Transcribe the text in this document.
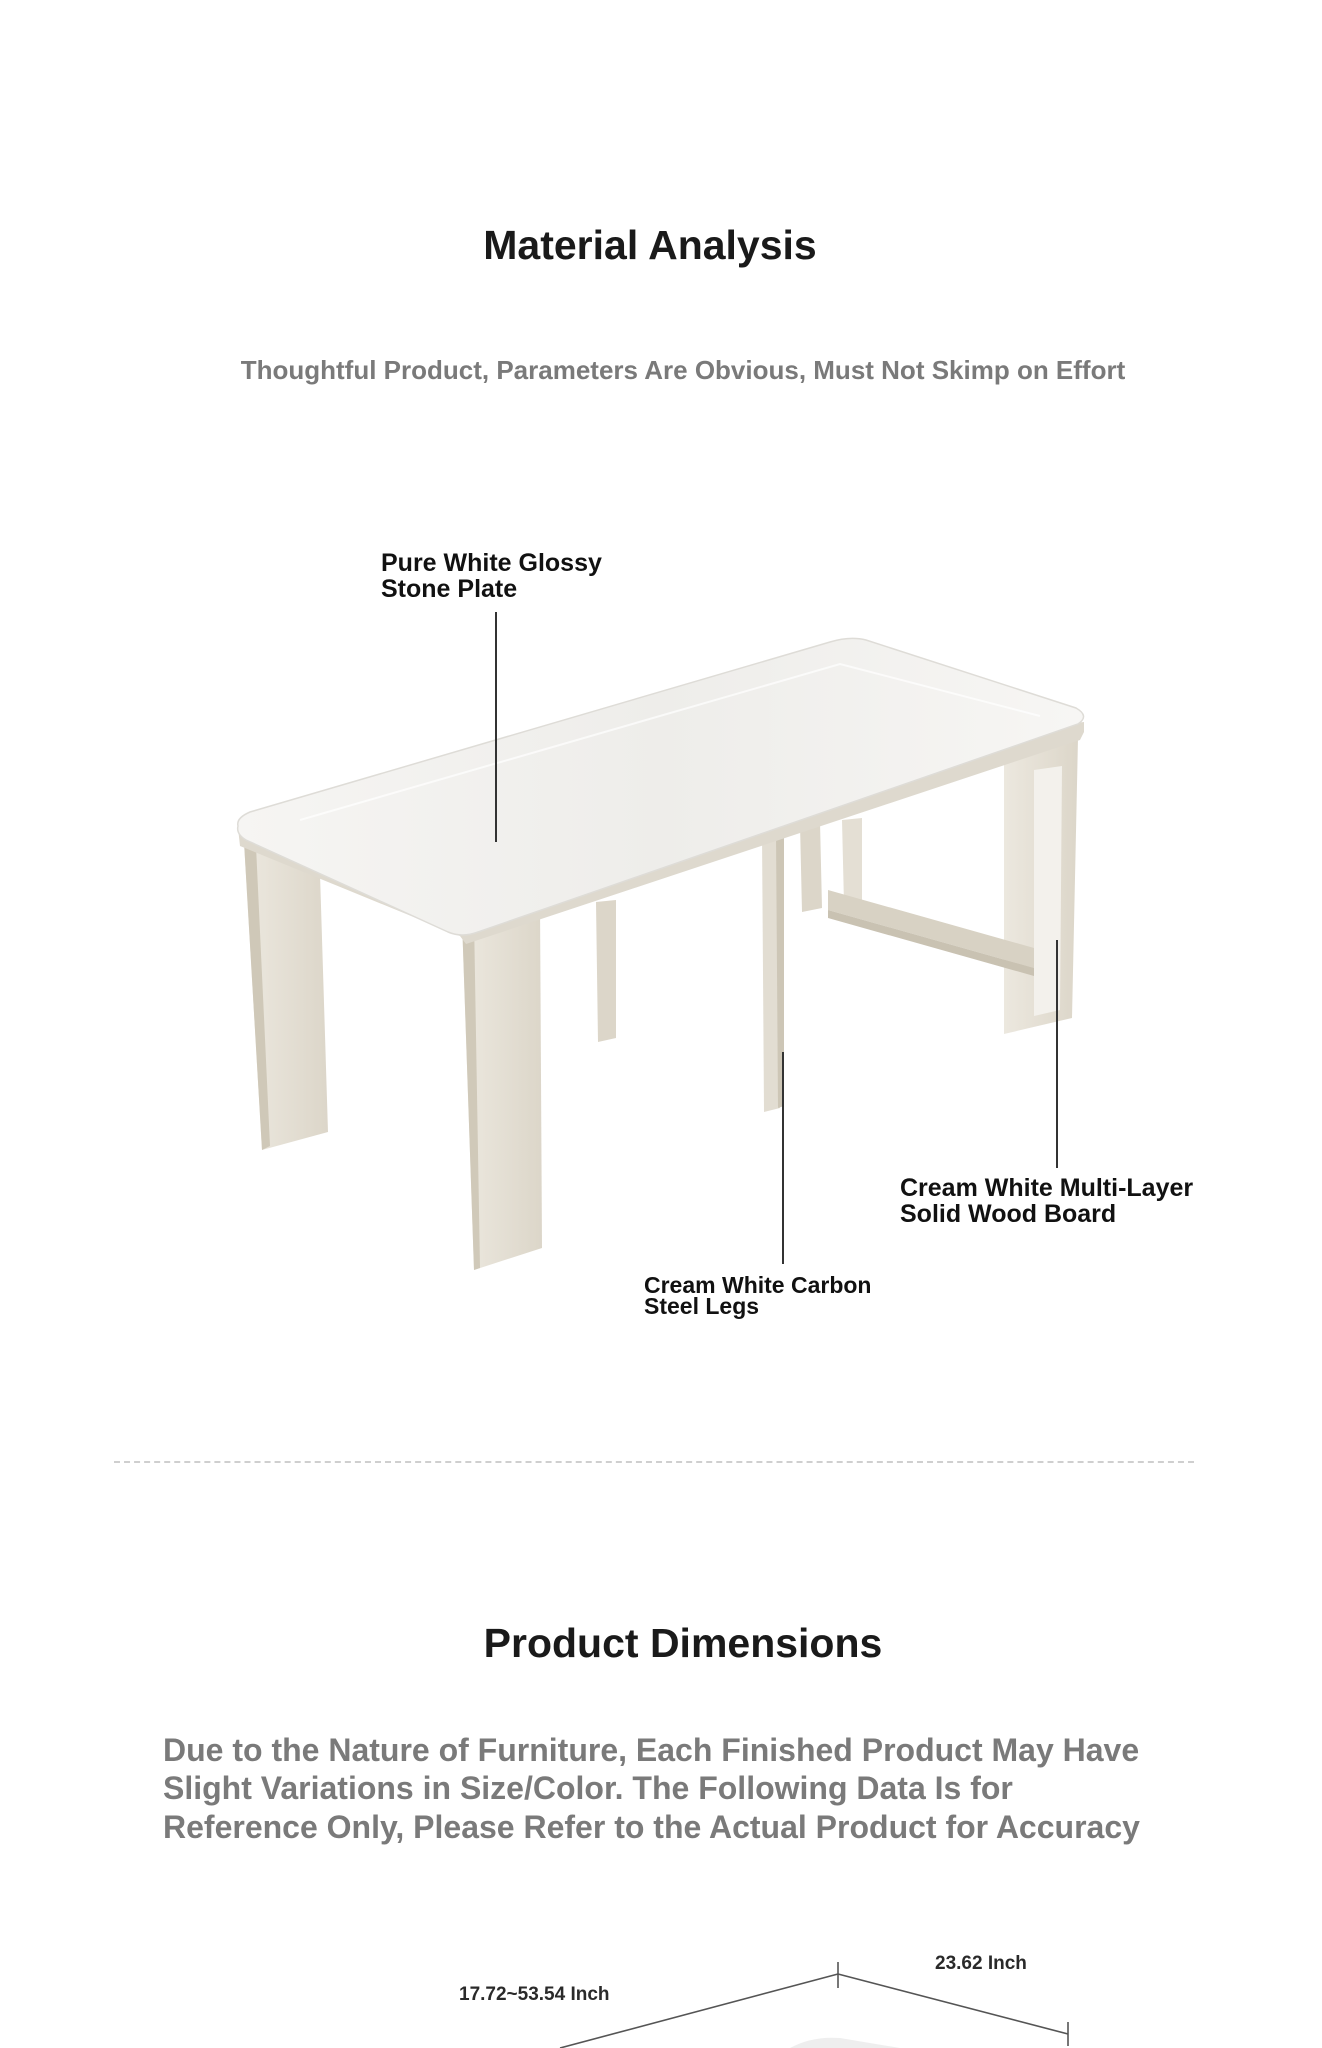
Material Analysis
Thoughtful Product, Parameters Are Obvious, Must Not Skimp on Effort
Pure White Glossy
Stone Plate
Cream White Multi-Layer
Solid Wood Board
Cream White Carbon
Steel Legs
Product Dimensions
Due to the Nature of Furniture, Each Finished Product May Have
Slight Variations in Size/Color. The Following Data Is for
Reference Only, Please Refer to the Actual Product for Accuracy
17.72~53.54 Inch
23.62 Inch
